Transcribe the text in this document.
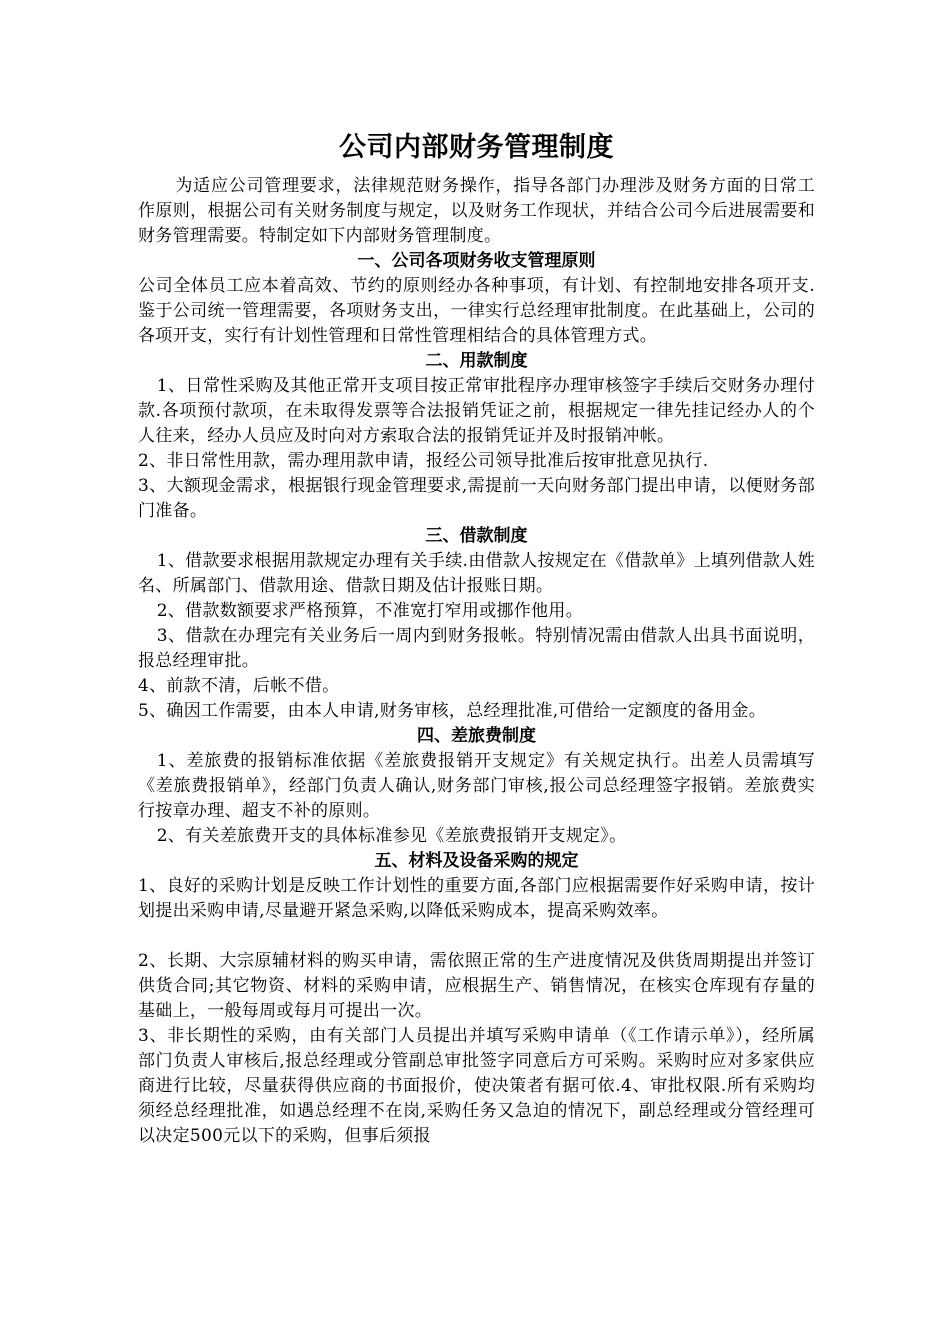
公司内部财务管理制度

为适应公司管理要求，法律规范财务操作，指导各部门办理涉及财务方面的日常工作原则，根据公司有关财务制度与规定，以及财务工作现状，并结合公司今后进展需要和财务管理需要。特制定如下内部财务管理制度。

一、公司各项财务收支管理原则

公司全体员工应本着高效、节约的原则经办各种事项，有计划、有控制地安排各项开支.鉴于公司统一管理需要，各项财务支出，一律实行总经理审批制度。在此基础上，公司的各项开支，实行有计划性管理和日常性管理相结合的具体管理方式。

二、用款制度

1、日常性采购及其他正常开支项目按正常审批程序办理审核签字手续后交财务办理付款.各项预付款项，在未取得发票等合法报销凭证之前，根据规定一律先挂记经办人的个人往来，经办人员应及时向对方索取合法的报销凭证并及时报销冲帐。

2、非日常性用款，需办理用款申请，报经公司领导批准后按审批意见执行.

3、大额现金需求，根据银行现金管理要求,需提前一天向财务部门提出申请，以便财务部门准备。

三、借款制度

1、借款要求根据用款规定办理有关手续.由借款人按规定在《借款单》上填列借款人姓名、所属部门、借款用途、借款日期及估计报账日期。

2、借款数额要求严格预算，不准宽打窄用或挪作他用。

3、借款在办理完有关业务后一周内到财务报帐。特别情况需由借款人出具书面说明，报总经理审批。

4、前款不清，后帐不借。

5、确因工作需要，由本人申请,财务审核，总经理批准,可借给一定额度的备用金。

四、差旅费制度

1、差旅费的报销标准依据《差旅费报销开支规定》有关规定执行。出差人员需填写《差旅费报销单》，经部门负责人确认,财务部门审核,报公司总经理签字报销。差旅费实行按章办理、超支不补的原则。

2、有关差旅费开支的具体标准参见《差旅费报销开支规定》。

五、材料及设备采购的规定

1、良好的采购计划是反映工作计划性的重要方面,各部门应根据需要作好采购申请，按计划提出采购申请,尽量避开紧急采购,以降低采购成本，提高采购效率。

2、长期、大宗原辅材料的购买申请，需依照正常的生产进度情况及供货周期提出并签订供货合同;其它物资、材料的采购申请，应根据生产、销售情况，在核实仓库现有存量的基础上，一般每周或每月可提出一次。

3、非长期性的采购，由有关部门人员提出并填写采购申请单（《工作请示单》），经所属部门负责人审核后,报总经理或分管副总审批签字同意后方可采购。采购时应对多家供应商进行比较，尽量获得供应商的书面报价，使决策者有据可依.4、审批权限.所有采购均须经总经理批准，如遇总经理不在岗,采购任务又急迫的情况下，副总经理或分管经理可以决定500元以下的采购，但事后须报
